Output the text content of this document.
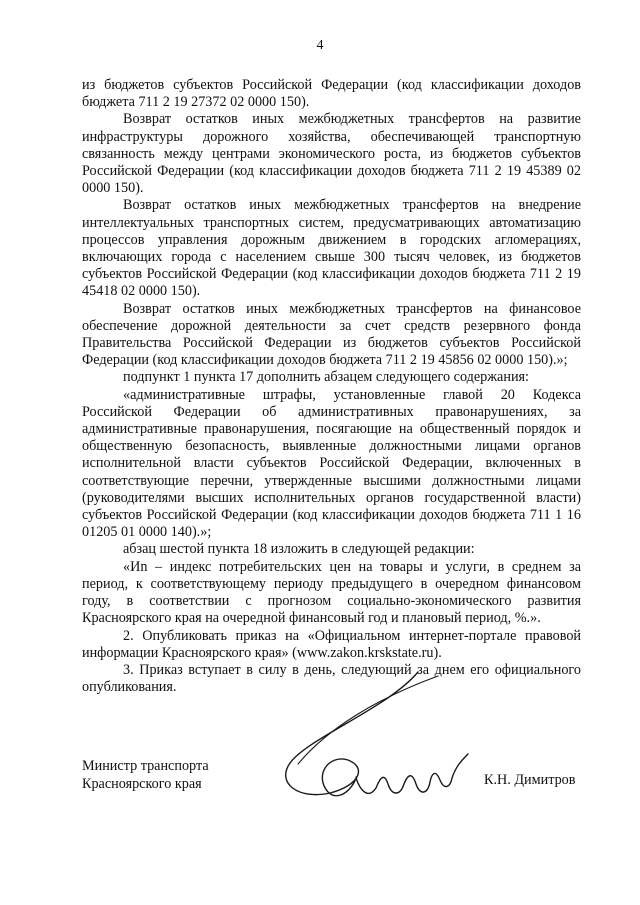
4

из бюджетов субъектов Российской Федерации (код классификации доходов бюджета 711 2 19 27372 02 0000 150).

Возврат остатков иных межбюджетных трансфертов на развитие инфраструктуры дорожного хозяйства, обеспечивающей транспортную связанность между центрами экономического роста, из бюджетов субъектов Российской Федерации (код классификации доходов бюджета 711 2 19 45389 02 0000 150).

Возврат остатков иных межбюджетных трансфертов на внедрение интеллектуальных транспортных систем, предусматривающих автоматизацию процессов управления дорожным движением в городских агломерациях, включающих города с населением свыше 300 тысяч человек, из бюджетов субъектов Российской Федерации (код классификации доходов бюджета 711 2 19 45418 02 0000 150).

Возврат остатков иных межбюджетных трансфертов на финансовое обеспечение дорожной деятельности за счет средств резервного фонда Правительства Российской Федерации из бюджетов субъектов Российской Федерации (код классификации доходов бюджета 711 2 19 45856 02 0000 150).»;

подпункт 1 пункта 17 дополнить абзацем следующего содержания:

«административные штрафы, установленные главой 20 Кодекса Российской Федерации об административных правонарушениях, за административные правонарушения, посягающие на общественный порядок и общественную безопасность, выявленные должностными лицами органов исполнительной власти субъектов Российской Федерации, включенных в соответствующие перечни, утвержденные высшими должностными лицами (руководителями высших исполнительных органов государственной власти) субъектов Российской Федерации (код классификации доходов бюджета 711 1 16 01205 01 0000 140).»;

абзац шестой пункта 18 изложить в следующей редакции:

«Иn – индекс потребительских цен на товары и услуги, в среднем за период, к соответствующему периоду предыдущего в очередном финансовом году, в соответствии с прогнозом социально-экономического развития Красноярского края на очередной финансовый год и плановый период, %.».

2. Опубликовать приказ на «Официальном интернет-портале правовой информации Красноярского края» (www.zakon.krskstate.ru).

3. Приказ вступает в силу в день, следующий за днем его официального опубликования.

Министр транспорта
Красноярского края	К.Н. Димитров
